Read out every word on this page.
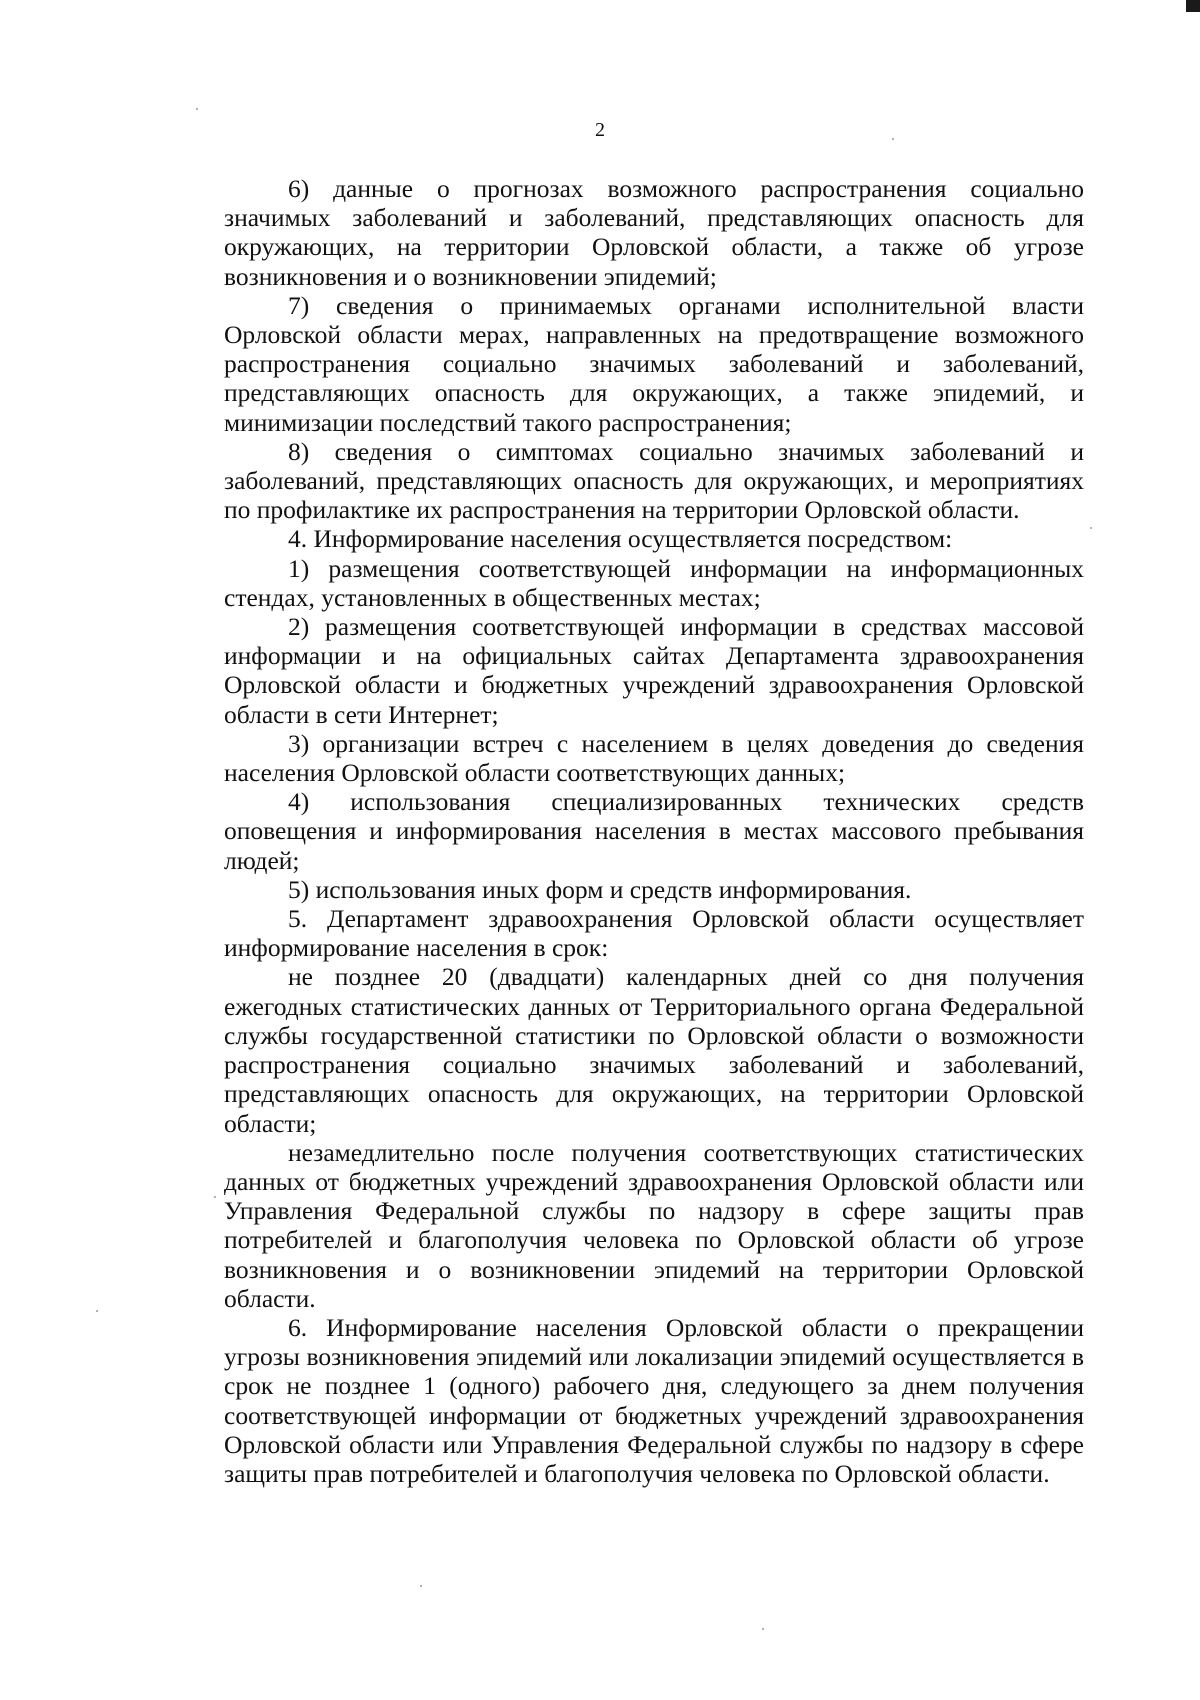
2

6) данные о прогнозах возможного распространения социально значимых заболеваний и заболеваний, представляющих опасность для окружающих, на территории Орловской области, а также об угрозе возникновения и о возникновении эпидемий;

7) сведения о принимаемых органами исполнительной власти Орловской области мерах, направленных на предотвращение возможного распространения социально значимых заболеваний и заболеваний, представляющих опасность для окружающих, а также эпидемий, и минимизации последствий такого распространения;

8) сведения о симптомах социально значимых заболеваний и заболеваний, представляющих опасность для окружающих, и мероприятиях по профилактике их распространения на территории Орловской области.

4. Информирование населения осуществляется посредством:

1) размещения соответствующей информации на информационных стендах, установленных в общественных местах;

2) размещения соответствующей информации в средствах массовой информации и на официальных сайтах Департамента здравоохранения Орловской области и бюджетных учреждений здравоохранения Орловской области в сети Интернет;

3) организации встреч с населением в целях доведения до сведения населения Орловской области соответствующих данных;

4) использования специализированных технических средств оповещения и информирования населения в местах массового пребывания людей;

5) использования иных форм и средств информирования.

5. Департамент здравоохранения Орловской области осуществляет информирование населения в срок:

не позднее 20 (двадцати) календарных дней со дня получения ежегодных статистических данных от Территориального органа Федеральной службы государственной статистики по Орловской области о возможности распространения социально значимых заболеваний и заболеваний, представляющих опасность для окружающих, на территории Орловской области;

незамедлительно после получения соответствующих статистических данных от бюджетных учреждений здравоохранения Орловской области или Управления Федеральной службы по надзору в сфере защиты прав потребителей и благополучия человека по Орловской области об угрозе возникновения и о возникновении эпидемий на территории Орловской области.

6. Информирование населения Орловской области о прекращении угрозы возникновения эпидемий или локализации эпидемий осуществляется в срок не позднее 1 (одного) рабочего дня, следующего за днем получения соответствующей информации от бюджетных учреждений здравоохранения Орловской области или Управления Федеральной службы по надзору в сфере защиты прав потребителей и благополучия человека по Орловской области.
